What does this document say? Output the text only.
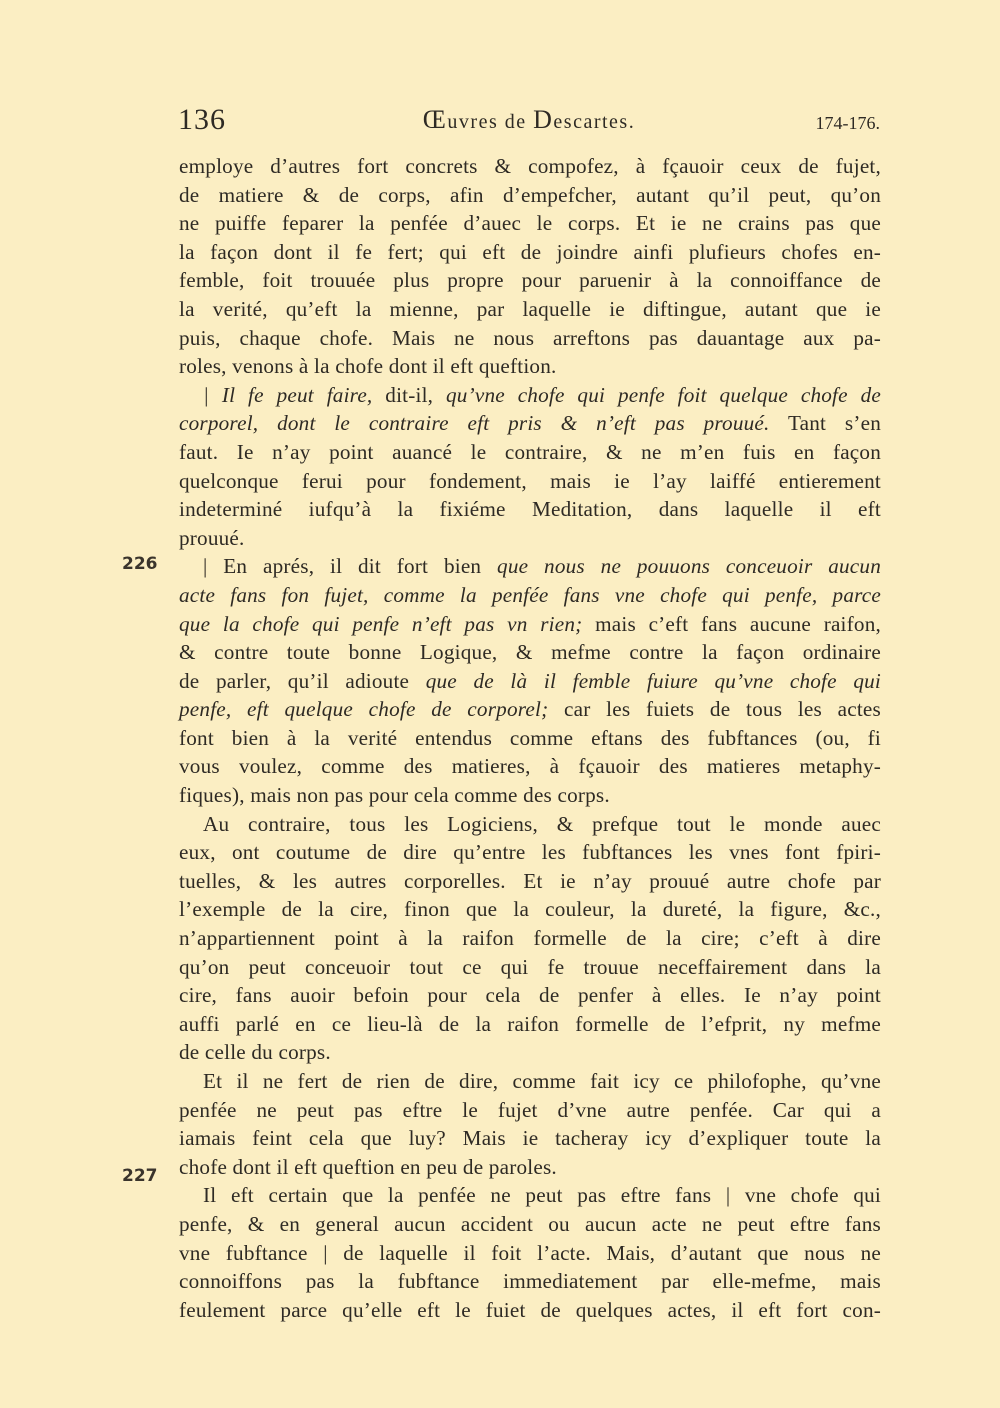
136	Œuvres de Descartes.	174-176.
226
227

employe d’autres fort concrets & compofez, à fçauoir ceux de fujet,
de matiere & de corps, afin d’empefcher, autant qu’il peut, qu’on
ne puiffe feparer la penfée d’auec le corps. Et ie ne crains pas que
la façon dont il fe fert; qui eft de joindre ainfi plufieurs chofes en-
femble, foit trouuée plus propre pour paruenir à la connoiffance de
la verité, qu’eft la mienne, par laquelle ie diftingue, autant que ie
puis, chaque chofe. Mais ne nous arreftons pas dauantage aux pa-
roles, venons à la chofe dont il eft queftion.

| Il fe peut faire, dit-il, qu’vne chofe qui penfe foit quelque chofe de
corporel, dont le contraire eft pris & n’eft pas prouué. Tant s’en
faut. Ie n’ay point auancé le contraire, & ne m’en fuis en façon
quelconque ferui pour fondement, mais ie l’ay laiffé entierement
indeterminé iufqu’à la fixiéme Meditation, dans laquelle il eft
prouué.

| En aprés, il dit fort bien que nous ne pouuons conceuoir aucun
acte fans fon fujet, comme la penfée fans vne chofe qui penfe, parce
que la chofe qui penfe n’eft pas vn rien; mais c’eft fans aucune raifon,
& contre toute bonne Logique, & mefme contre la façon ordinaire
de parler, qu’il adioute que de là il femble fuiure qu’vne chofe qui
penfe, eft quelque chofe de corporel; car les fuiets de tous les actes
font bien à la verité entendus comme eftans des fubftances (ou, fi
vous voulez, comme des matieres, à fçauoir des matieres metaphy-
fiques), mais non pas pour cela comme des corps.

Au contraire, tous les Logiciens, & prefque tout le monde auec
eux, ont coutume de dire qu’entre les fubftances les vnes font fpiri-
tuelles, & les autres corporelles. Et ie n’ay prouué autre chofe par
l’exemple de la cire, finon que la couleur, la dureté, la figure, &c.,
n’appartiennent point à la raifon formelle de la cire; c’eft à dire
qu’on peut conceuoir tout ce qui fe trouue neceffairement dans la
cire, fans auoir befoin pour cela de penfer à elles. Ie n’ay point
auffi parlé en ce lieu-là de la raifon formelle de l’efprit, ny mefme
de celle du corps.

Et il ne fert de rien de dire, comme fait icy ce philofophe, qu’vne
penfée ne peut pas eftre le fujet d’vne autre penfée. Car qui a
iamais feint cela que luy? Mais ie tacheray icy d’expliquer toute la
chofe dont il eft queftion en peu de paroles.

Il eft certain que la penfée ne peut pas eftre fans | vne chofe qui
penfe, & en general aucun accident ou aucun acte ne peut eftre fans
vne fubftance | de laquelle il foit l’acte. Mais, d’autant que nous ne
connoiffons pas la fubftance immediatement par elle-mefme, mais
feulement parce qu’elle eft le fuiet de quelques actes, il eft fort con-
